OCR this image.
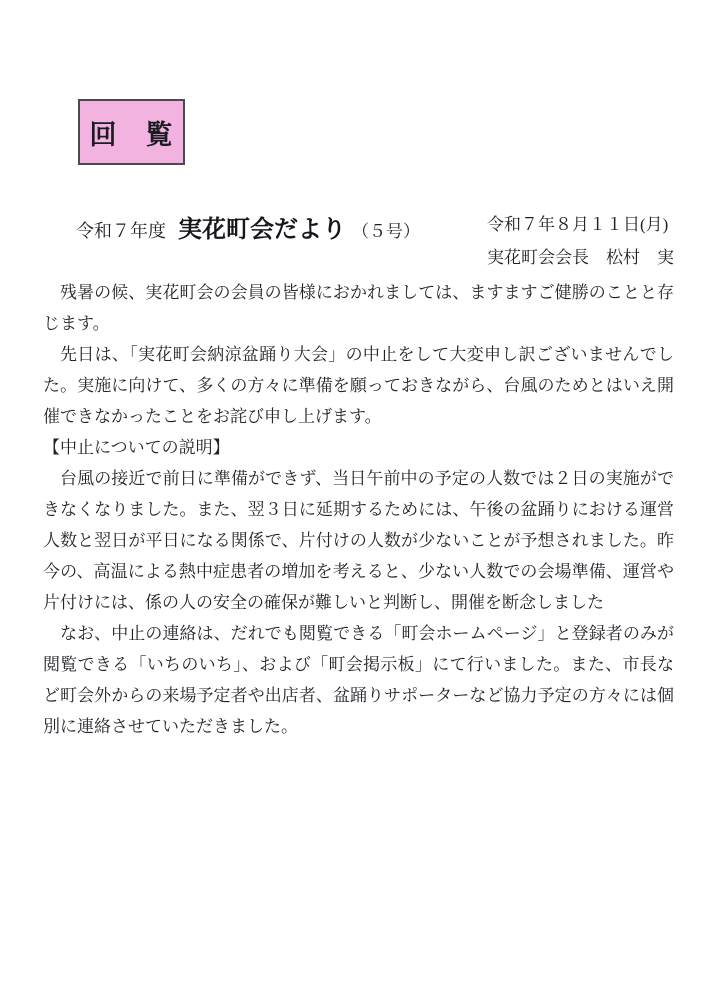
回　覧
令和７年度 実花町会だより （５号）	令和７年８月１１日(月)
実花町会会長　松村　実

残暑の候、実花町会の会員の皆様におかれましては、ますますご健勝のことと存じます。

先日は、「実花町会納涼盆踊り大会」の中止をして大変申し訳ございませんでした。実施に向けて、多くの方々に準備を願っておきながら、台風のためとはいえ開催できなかったことをお詫び申し上げます。

【中止についての説明】

台風の接近で前日に準備ができず、当日午前中の予定の人数では２日の実施ができなくなりました。また、翌３日に延期するためには、午後の盆踊りにおける運営人数と翌日が平日になる関係で、片付けの人数が少ないことが予想されました。昨今の、高温による熱中症患者の増加を考えると、少ない人数での会場準備、運営や片付けには、係の人の安全の確保が難しいと判断し、開催を断念しました

なお、中止の連絡は、だれでも閲覧できる「町会ホームページ」と登録者のみが閲覧できる「いちのいち」、および「町会掲示板」にて行いました。また、市長など町会外からの来場予定者や出店者、盆踊りサポーターなど協力予定の方々には個別に連絡させていただきました。
